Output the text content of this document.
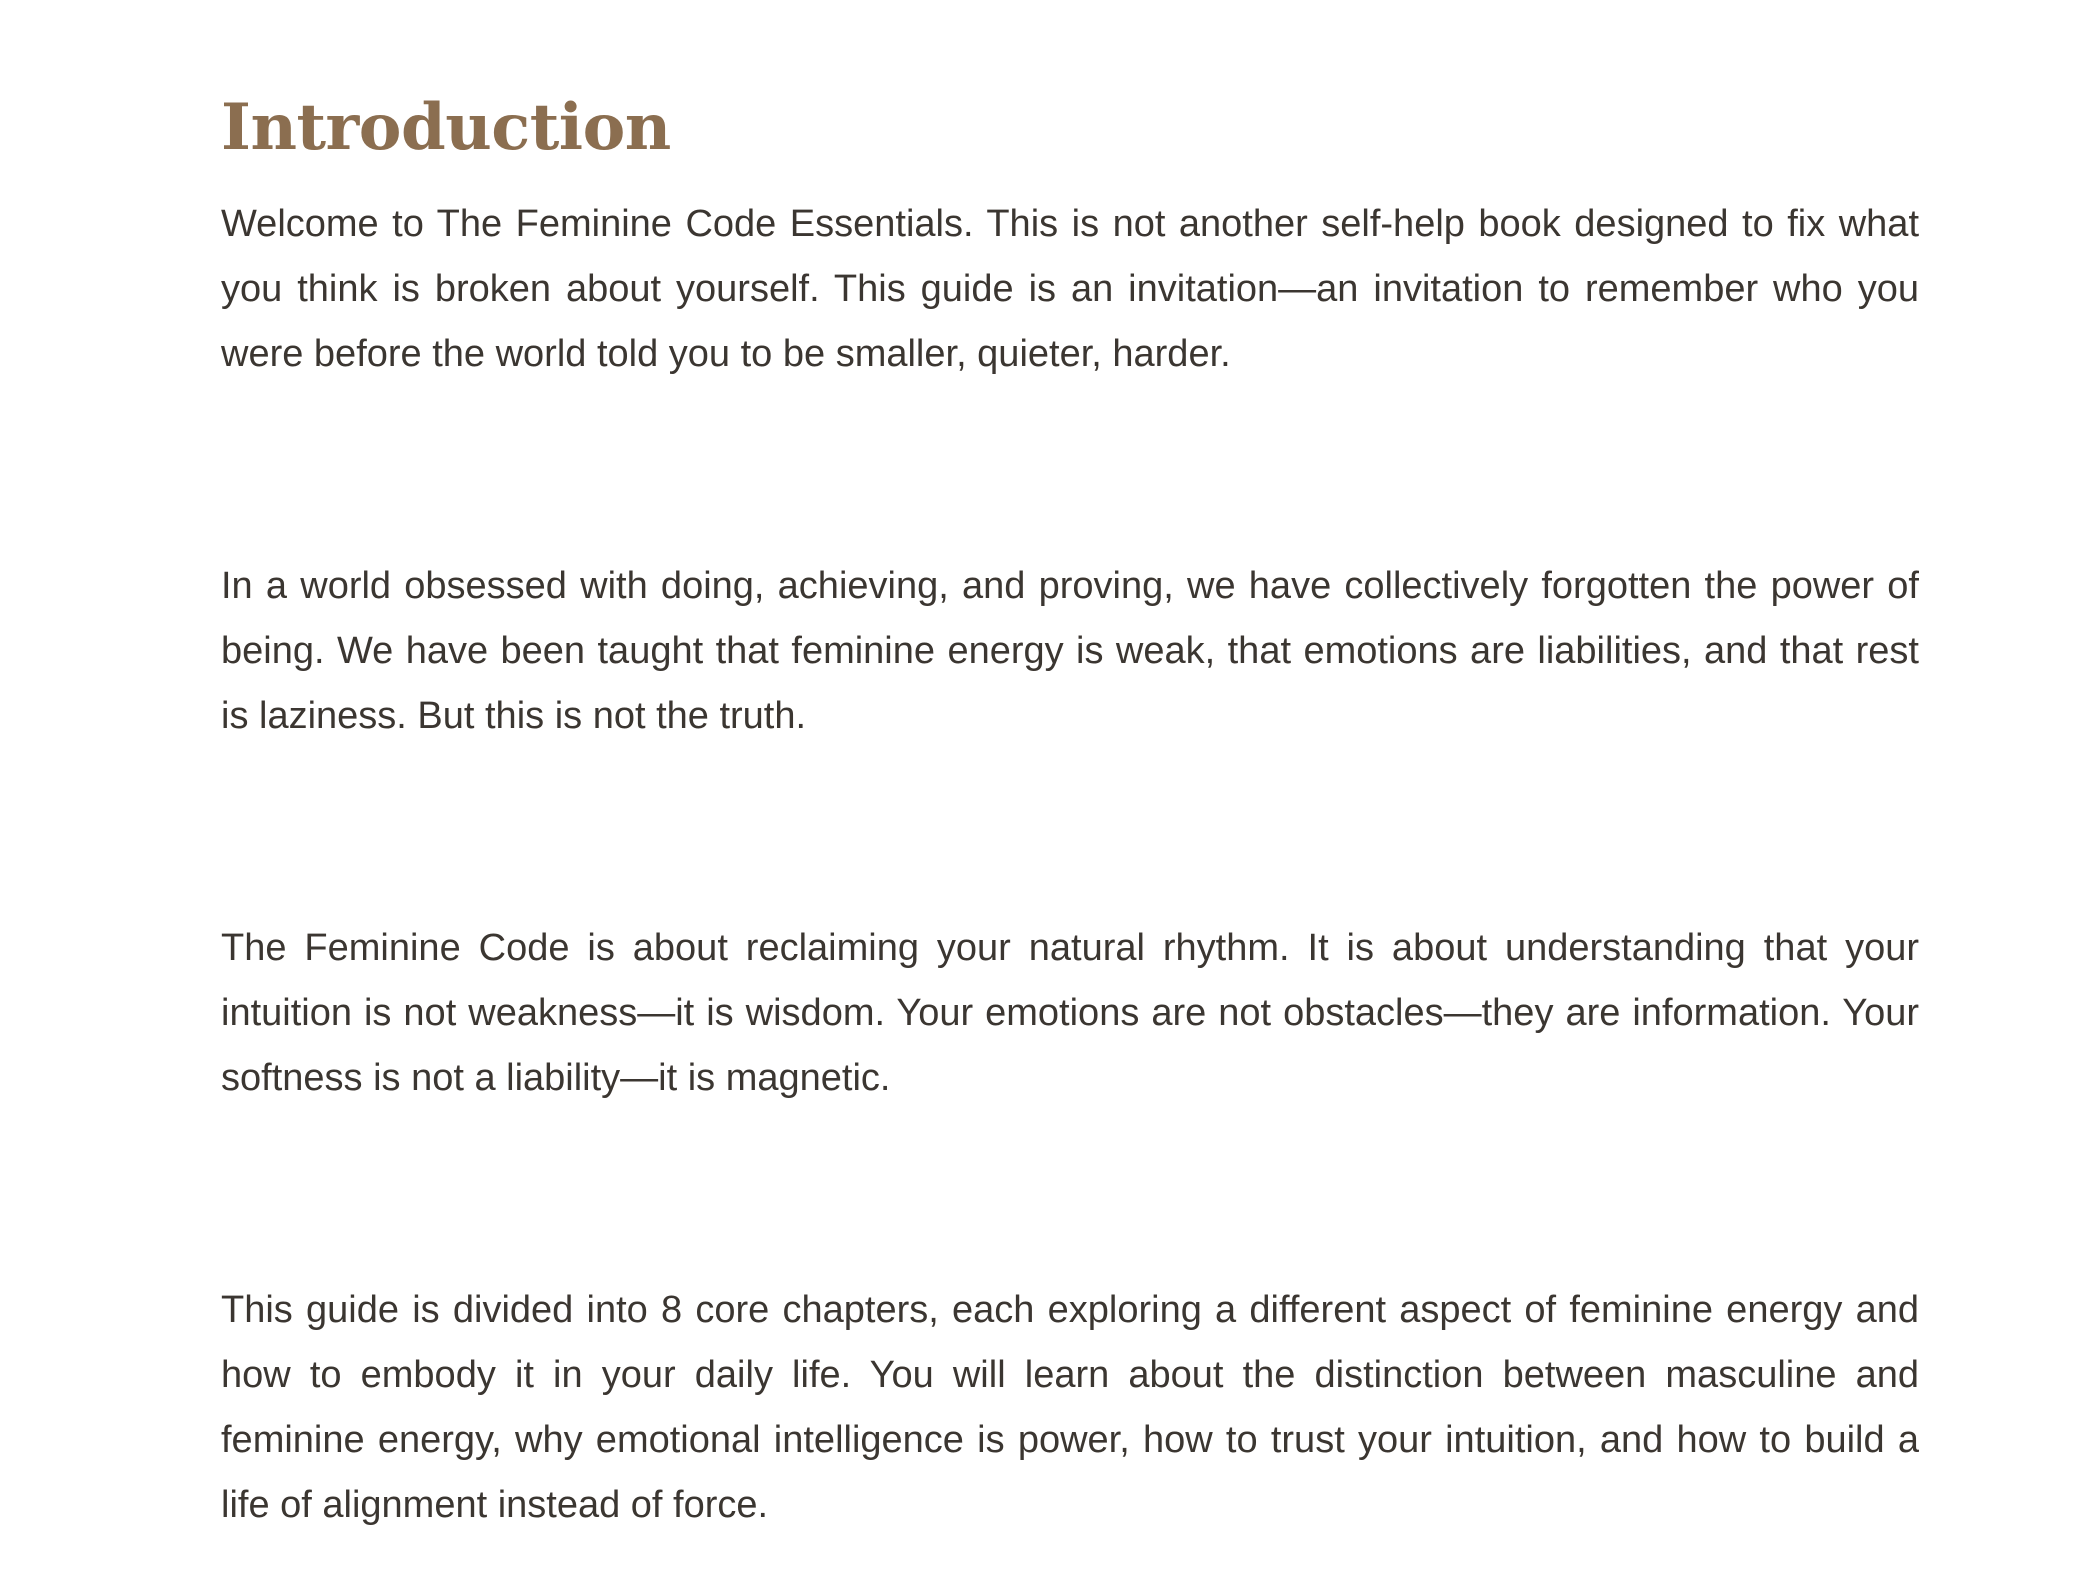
Introduction

Welcome to The Feminine Code Essentials. This is not another self-help book designed to fix what you think is broken about yourself. This guide is an invitation—an invitation to remember who you were before the world told you to be smaller, quieter, harder.

In a world obsessed with doing, achieving, and proving, we have collectively forgotten the power of being. We have been taught that feminine energy is weak, that emotions are liabilities, and that rest is laziness. But this is not the truth.

The Feminine Code is about reclaiming your natural rhythm. It is about understanding that your intuition is not weakness—it is wisdom. Your emotions are not obstacles—they are information. Your softness is not a liability—it is magnetic.

This guide is divided into 8 core chapters, each exploring a different aspect of feminine energy and how to embody it in your daily life. You will learn about the distinction between masculine and feminine energy, why emotional intelligence is power, how to trust your intuition, and how to build a life of alignment instead of force.
